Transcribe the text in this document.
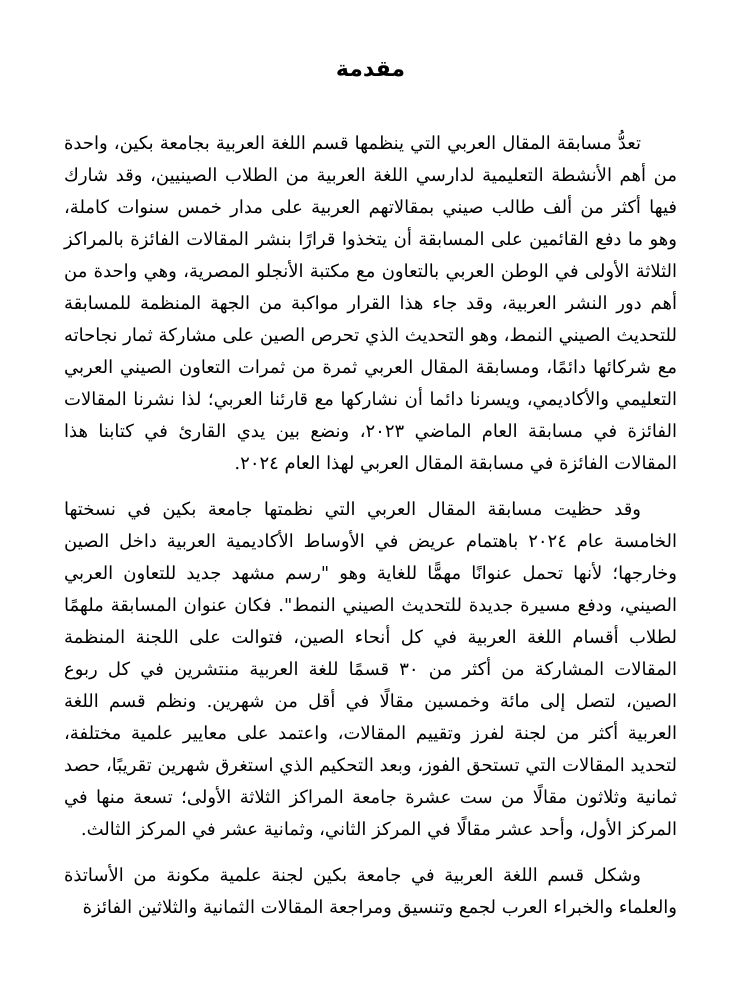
مقدمة

تعدُّ مسابقة المقال العربي التي ينظمها قسم اللغة العربية بجامعة بكين، واحدة من أهم الأنشطة التعليمية لدارسي اللغة العربية من الطلاب الصينيين، وقد شارك فيها أكثر من ألف طالب صيني بمقالاتهم العربية على مدار خمس سنوات كاملة، وهو ما دفع القائمين على المسابقة أن يتخذوا قرارًا بنشر المقالات الفائزة بالمراكز الثلاثة الأولى في الوطن العربي بالتعاون مع مكتبة الأنجلو المصرية، وهي واحدة من أهم دور النشر العربية، وقد جاء هذا القرار مواكبة من الجهة المنظمة للمسابقة للتحديث الصيني النمط، وهو التحديث الذي تحرص الصين على مشاركة ثمار نجاحاته مع شركائها دائمًا، ومسابقة المقال العربي ثمرة من ثمرات التعاون الصيني العربي التعليمي والأكاديمي، ويسرنا دائما أن نشاركها مع قارئنا العربي؛ لذا نشرنا المقالات الفائزة في مسابقة العام الماضي ٢٠٢٣، ونضع بين يدي القارئ في كتابنا هذا المقالات الفائزة في مسابقة المقال العربي لهذا العام ٢٠٢٤.

وقد حظيت مسابقة المقال العربي التي نظمتها جامعة بكين في نسختها الخامسة عام ٢٠٢٤ باهتمام عريض في الأوساط الأكاديمية العربية داخل الصين وخارجها؛ لأنها تحمل عنوانًا مهمًّا للغاية وهو "رسم مشهد جديد للتعاون العربي الصيني، ودفع مسيرة جديدة للتحديث الصيني النمط". فكان عنوان المسابقة ملهمًا لطلاب أقسام اللغة العربية في كل أنحاء الصين، فتوالت على اللجنة المنظمة المقالات المشاركة من أكثر من ٣٠ قسمًا للغة العربية منتشرين في كل ربوع الصين، لتصل إلى مائة وخمسين مقالًا في أقل من شهرين. ونظم قسم اللغة العربية أكثر من لجنة لفرز وتقييم المقالات، واعتمد على معايير علمية مختلفة، لتحديد المقالات التي تستحق الفوز، وبعد التحكيم الذي استغرق شهرين تقريبًا، حصد ثمانية وثلاثون مقالًا من ست عشرة جامعة المراكز الثلاثة الأولى؛ تسعة منها في المركز الأول، وأحد عشر مقالًا في المركز الثاني، وثمانية عشر في المركز الثالث.

وشكل قسم اللغة العربية في جامعة بكين لجنة علمية مكونة من الأساتذة والعلماء والخبراء العرب لجمع وتنسيق ومراجعة المقالات الثمانية والثلاثين الفائزة
